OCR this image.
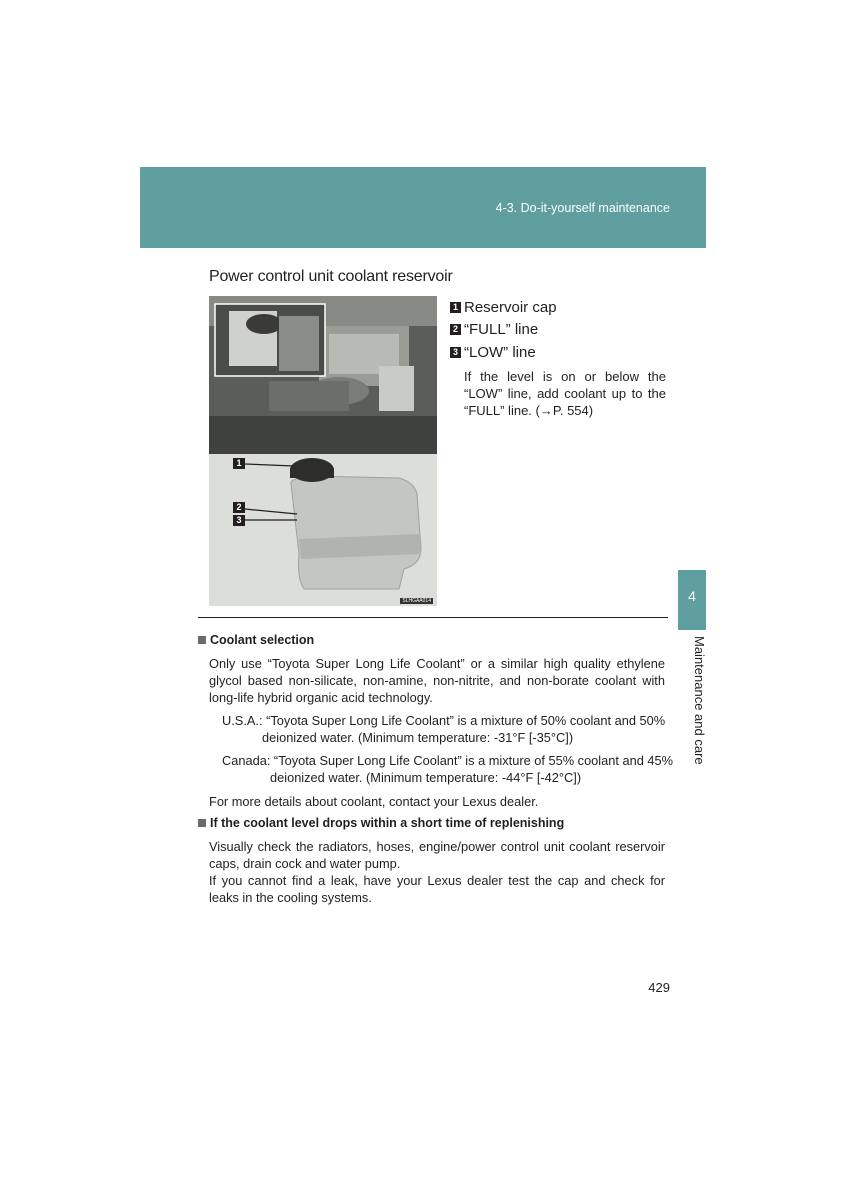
4-3. Do-it-yourself maintenance
Power control unit coolant reservoir
1
2
3
SLHGAA014
1 Reservoir cap
2 “FULL” line
3 “LOW” line
If the level is on or below the “LOW” line, add coolant up to the “FULL” line. (→P. 554)
4
Maintenance and care
Coolant selection
Only use “Toyota Super Long Life Coolant” or a similar high quality ethylene glycol based non-silicate, non-amine, non-nitrite, and non-borate coolant with long-life hybrid organic acid technology.
U.S.A.: “Toyota Super Long Life Coolant” is a mixture of 50% coolant and 50%
deionized water. (Minimum temperature: -31°F [-35°C])
Canada: “Toyota Super Long Life Coolant” is a mixture of 55% coolant and 45%
deionized water. (Minimum temperature: -44°F [-42°C])
For more details about coolant, contact your Lexus dealer.
If the coolant level drops within a short time of replenishing
Visually check the radiators, hoses, engine/power control unit coolant reservoir caps, drain cock and water pump.
If you cannot find a leak, have your Lexus dealer test the cap and check for leaks in the cooling systems.
429
